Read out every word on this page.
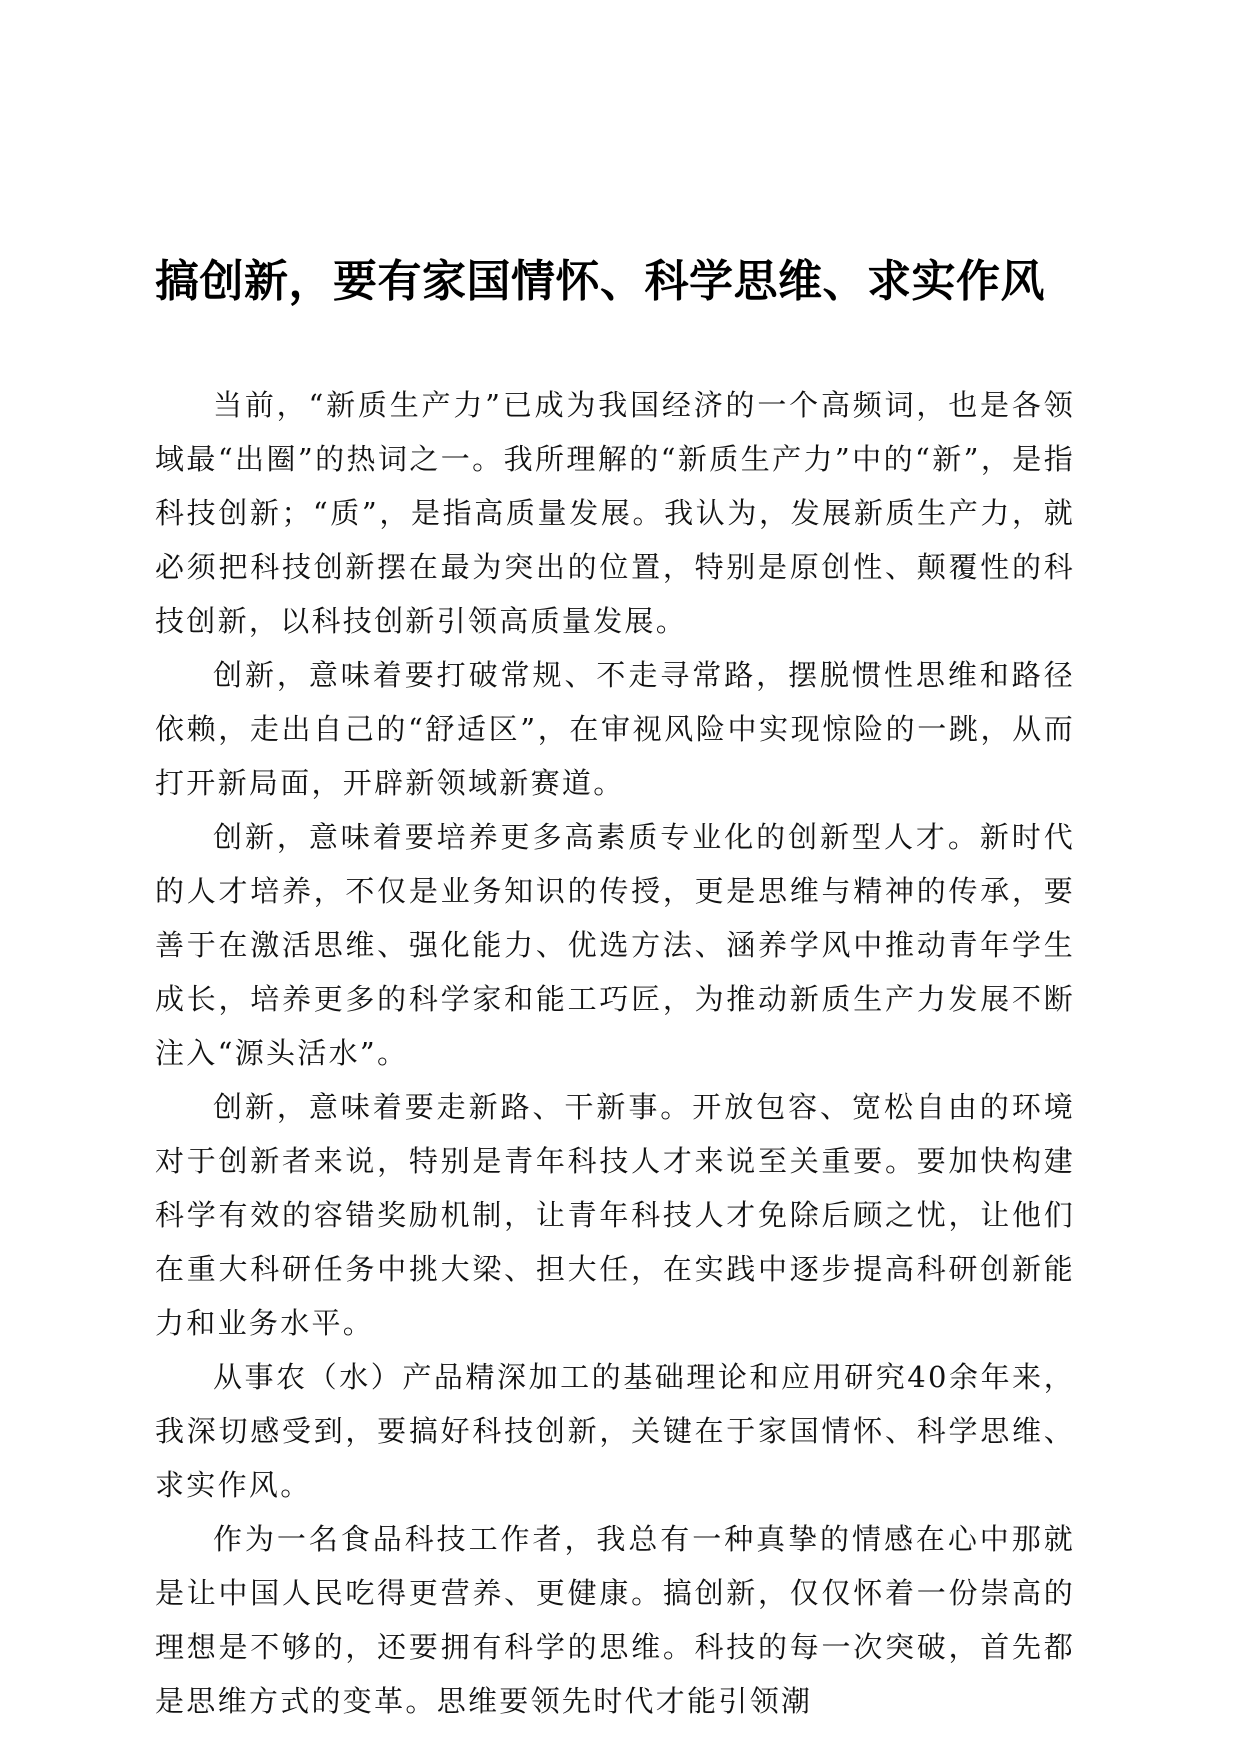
搞创新，要有家国情怀、科学思维、求实作风

当前，“新质生产力”已成为我国经济的一个高频词，也是各领域最“出圈”的热词之一。我所理解的“新质生产力”中的“新”，是指科技创新；“质”，是指高质量发展。我认为，发展新质生产力，就必须把科技创新摆在最为突出的位置，特别是原创性、颠覆性的科技创新，以科技创新引领高质量发展。

创新，意味着要打破常规、不走寻常路，摆脱惯性思维和路径依赖，走出自己的“舒适区”，在审视风险中实现惊险的一跳，从而打开新局面，开辟新领域新赛道。

创新，意味着要培养更多高素质专业化的创新型人才。新时代的人才培养，不仅是业务知识的传授，更是思维与精神的传承，要善于在激活思维、强化能力、优选方法、涵养学风中推动青年学生成长，培养更多的科学家和能工巧匠，为推动新质生产力发展不断注入“源头活水”。

创新，意味着要走新路、干新事。开放包容、宽松自由的环境对于创新者来说，特别是青年科技人才来说至关重要。要加快构建科学有效的容错奖励机制，让青年科技人才免除后顾之忧，让他们在重大科研任务中挑大梁、担大任，在实践中逐步提高科研创新能力和业务水平。

从事农（水）产品精深加工的基础理论和应用研究40余年来，我深切感受到，要搞好科技创新，关键在于家国情怀、科学思维、求实作风。

作为一名食品科技工作者，我总有一种真挚的情感在心中那就是让中国人民吃得更营养、更健康。搞创新，仅仅怀着一份崇高的理想是不够的，还要拥有科学的思维。科技的每一次突破，首先都是思维方式的变革。思维要领先时代才能引领潮
